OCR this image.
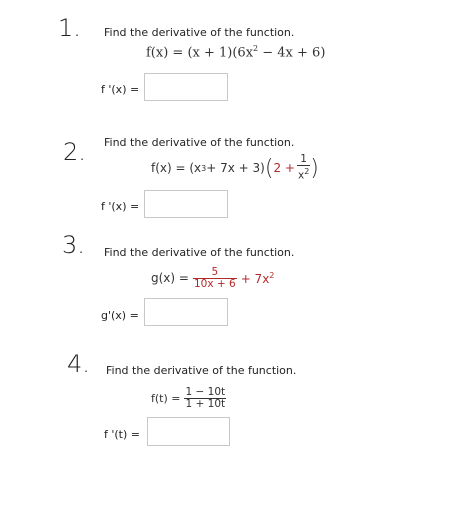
1. Find the derivative of the function.
$f(x) = (x + 1)(6x^2 - 4x + 6)$
f '(x) =
2. Find the derivative of the function.
f(x) = (x 3 + 7x + 3) ( $2 + \frac{1}{x^2}$ )
f '(x) =
3. Find the derivative of the function.
$g(x) = \frac{5}{10x + 6} + 7x^2$
g'(x) =
4. Find the derivative of the function.
$f(t) = \frac{1 - 10t}{1 + 10t}$
f '(t) =
